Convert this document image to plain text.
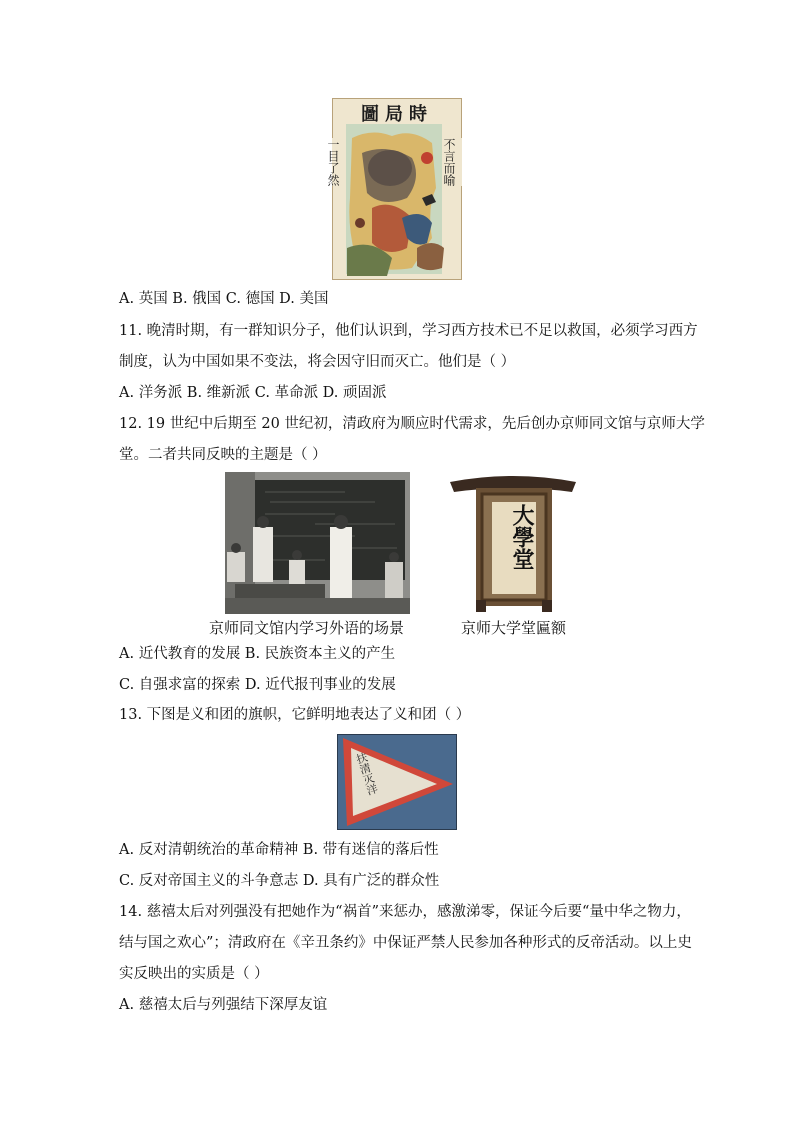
圖局時
一目了然	不言而喻
A. 英国 B. 俄国 C. 德国 D. 美国
11. 晚清时期，有一群知识分子，他们认识到，学习西方技术已不足以救国，必须学习西方
制度，认为中国如果不变法，将会因守旧而灭亡。他们是（ ）
A. 洋务派 B. 维新派 C. 革命派 D. 顽固派
12. 19 世纪中后期至 20 世纪初，清政府为顺应时代需求，先后创办京师同文馆与京师大学
堂。二者共同反映的主题是（ ）
大學堂
京师同文馆内学习外语的场景	京师大学堂匾额
A. 近代教育的发展 B. 民族资本主义的产生
C. 自强求富的探索 D. 近代报刊事业的发展
13. 下图是义和团的旗帜，它鲜明地表达了义和团（ ）
扶清灭洋
A. 反对清朝统治的革命精神 B. 带有迷信的落后性
C. 反对帝国主义的斗争意志 D. 具有广泛的群众性
14. 慈禧太后对列强没有把她作为“祸首”来惩办，感激涕零，保证今后要“量中华之物力，
结与国之欢心”；清政府在《辛丑条约》中保证严禁人民参加各种形式的反帝活动。以上史
实反映出的实质是（ ）
A. 慈禧太后与列强结下深厚友谊
